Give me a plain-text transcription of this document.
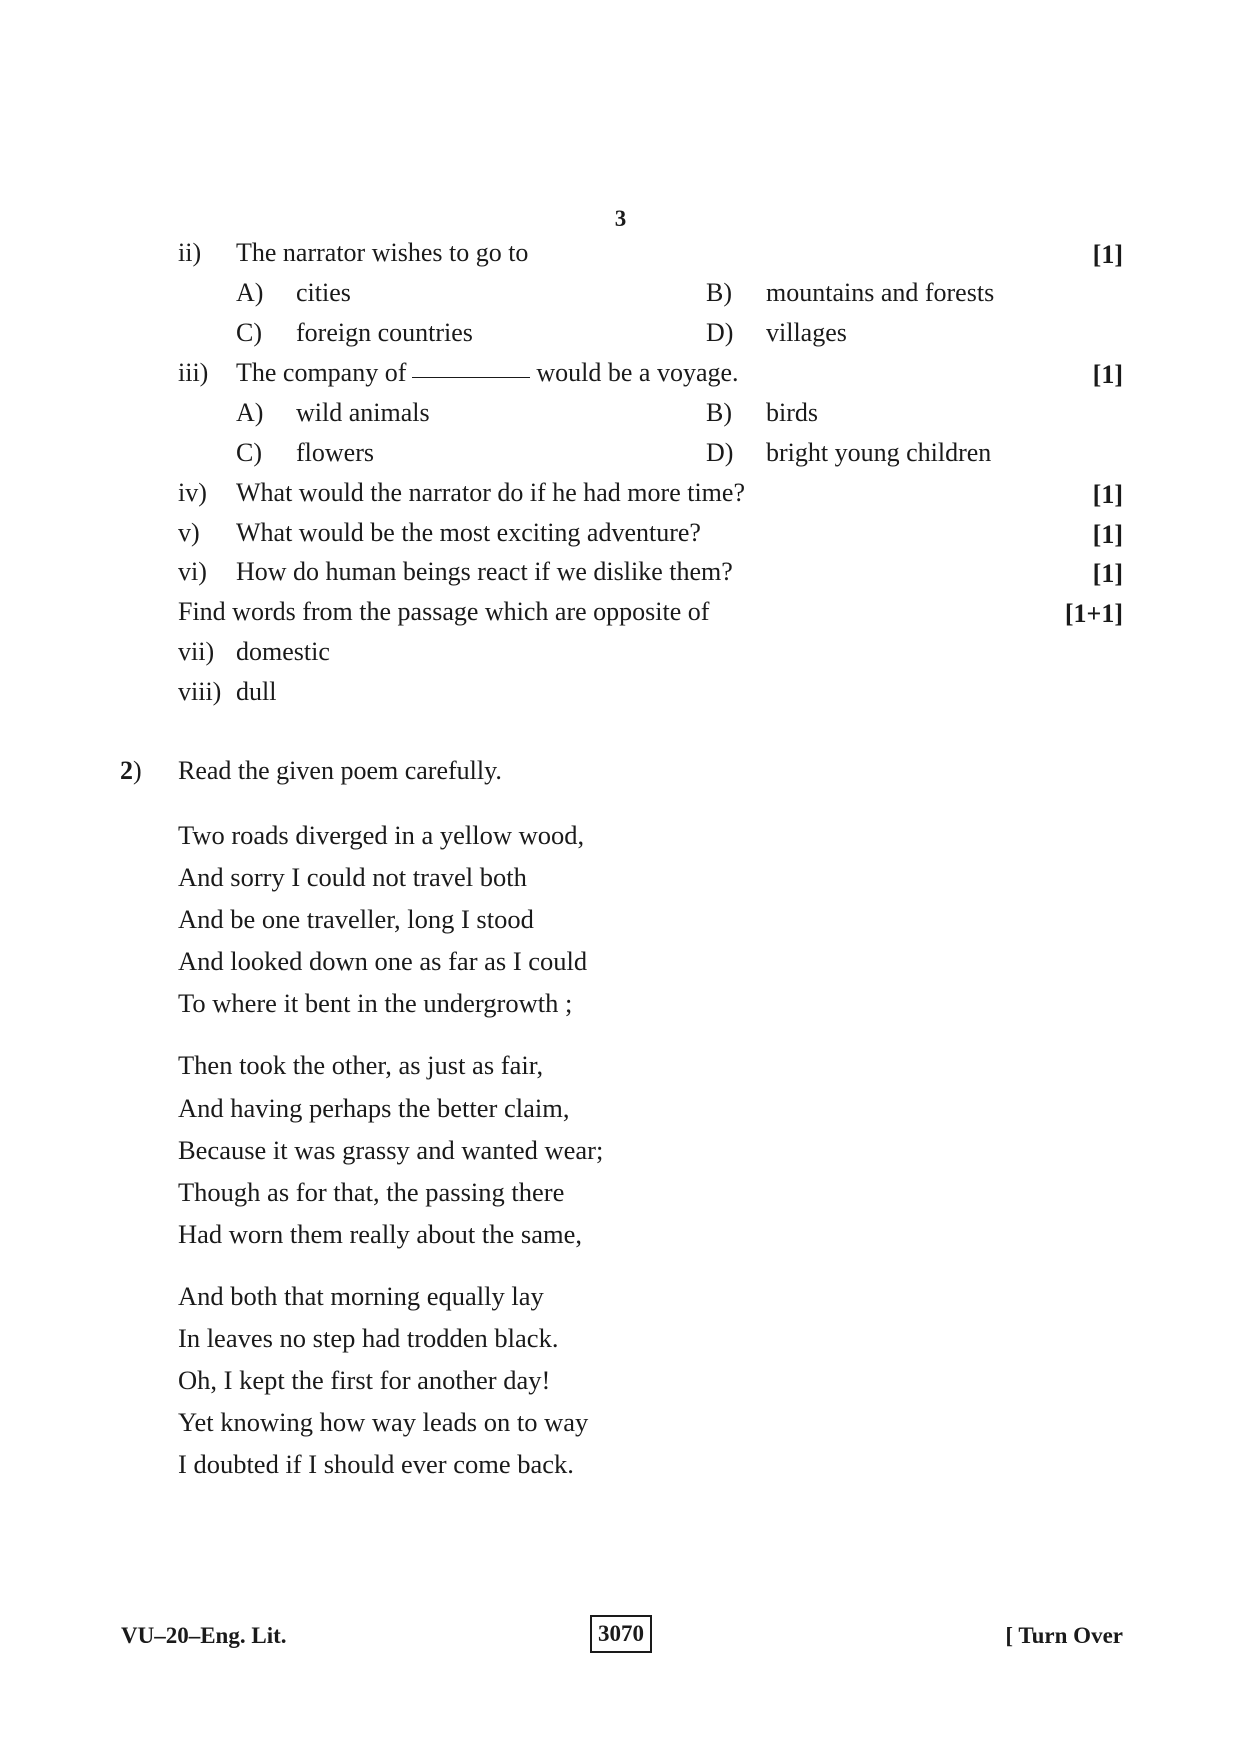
3
ii) The narrator wishes to go to	[1]
A) cities	B) mountains and forests
C) foreign countries	D) villages
iii) The company of	would be a voyage.	[1]
A) wild animals	B) birds
C) flowers	D) bright young children
iv) What would the narrator do if he had more time?	[1]
v) What would be the most exciting adventure?	[1]
vi) How do human beings react if we dislike them?	[1]
Find words from the passage which are opposite of	[1+1]
vii) domestic
viii) dull
2) Read the given poem carefully.
Two roads diverged in a yellow wood,
And sorry I could not travel both
And be one traveller, long I stood
And looked down one as far as I could
To where it bent in the undergrowth ;
Then took the other, as just as fair,
And having perhaps the better claim,
Because it was grassy and wanted wear;
Though as for that, the passing there
Had worn them really about the same,
And both that morning equally lay
In leaves no step had trodden black.
Oh, I kept the first for another day!
Yet knowing how way leads on to way
I doubted if I should ever come back.
VU–20–Eng. Lit.	3070	[ Turn Over
